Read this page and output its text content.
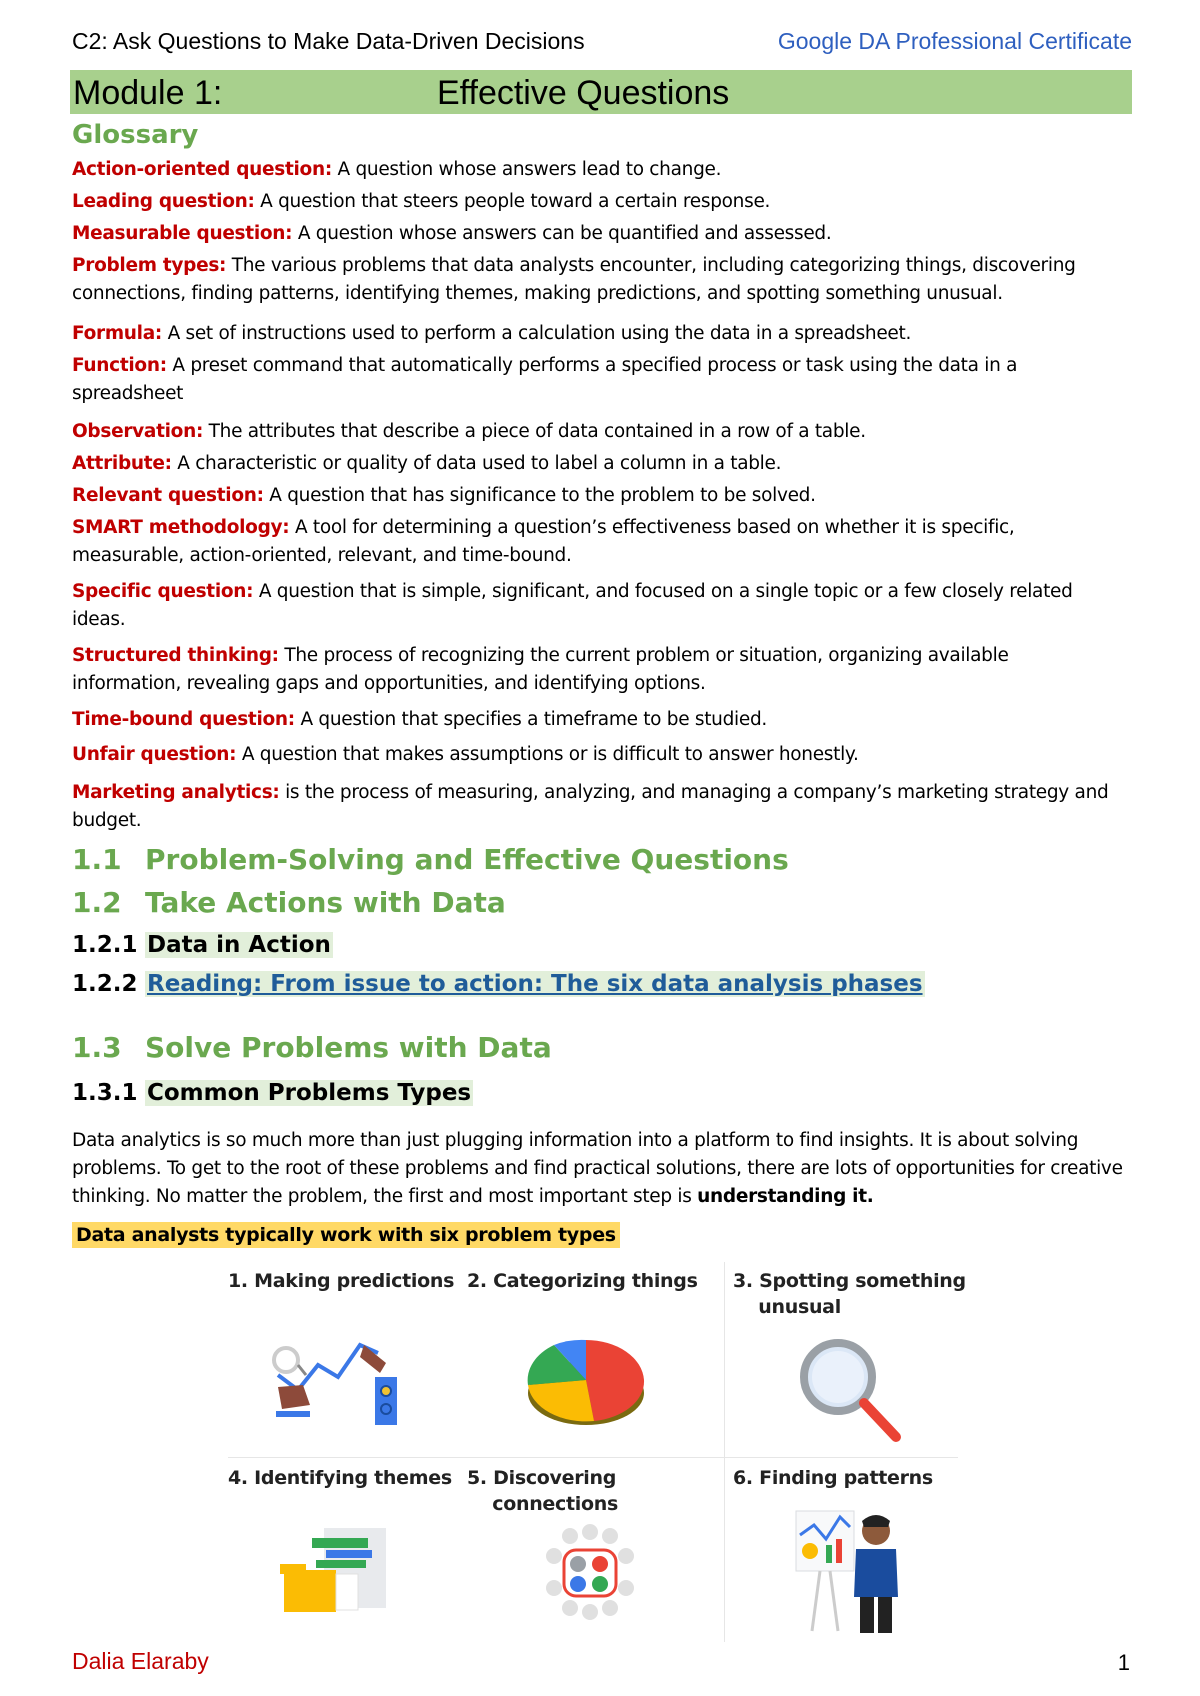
C2: Ask Questions to Make Data-Driven Decisions	Google DA Professional Certificate
Module 1:	Effective Questions
Glossary
Action-oriented question: A question whose answers lead to change.
Leading question: A question that steers people toward a certain response.
Measurable question: A question whose answers can be quantified and assessed.
Problem types: The various problems that data analysts encounter, including categorizing things, discovering connections, finding patterns, identifying themes, making predictions, and spotting something unusual.
Formula: A set of instructions used to perform a calculation using the data in a spreadsheet.
Function: A preset command that automatically performs a specified process or task using the data in a spreadsheet
Observation: The attributes that describe a piece of data contained in a row of a table.
Attribute: A characteristic or quality of data used to label a column in a table.
Relevant question: A question that has significance to the problem to be solved.
SMART methodology: A tool for determining a question’s effectiveness based on whether it is specific, measurable, action-oriented, relevant, and time-bound.
Specific question: A question that is simple, significant, and focused on a single topic or a few closely related ideas.
Structured thinking: The process of recognizing the current problem or situation, organizing available information, revealing gaps and opportunities, and identifying options.
Time-bound question: A question that specifies a timeframe to be studied.
Unfair question: A question that makes assumptions or is difficult to answer honestly.
Marketing analytics: is the process of measuring, analyzing, and managing a company’s marketing strategy and budget.
1.1 Problem-Solving and Effective Questions
1.2 Take Actions with Data
1.2.1 Data in Action
1.2.2 Reading: From issue to action: The six data analysis phases
1.3 Solve Problems with Data
1.3.1 Common Problems Types
Data analytics is so much more than just plugging information into a platform to find insights. It is about solving problems. To get to the root of these problems and find practical solutions, there are lots of opportunities for creative thinking. No matter the problem, the first and most important step is understanding it.
Data analysts typically work with six problem types
1. Making predictions 2. Categorizing things 3. Spotting something
unusual
4. Identifying themes 5. Discovering
connections
6. Finding patterns
Dalia Elaraby	1
